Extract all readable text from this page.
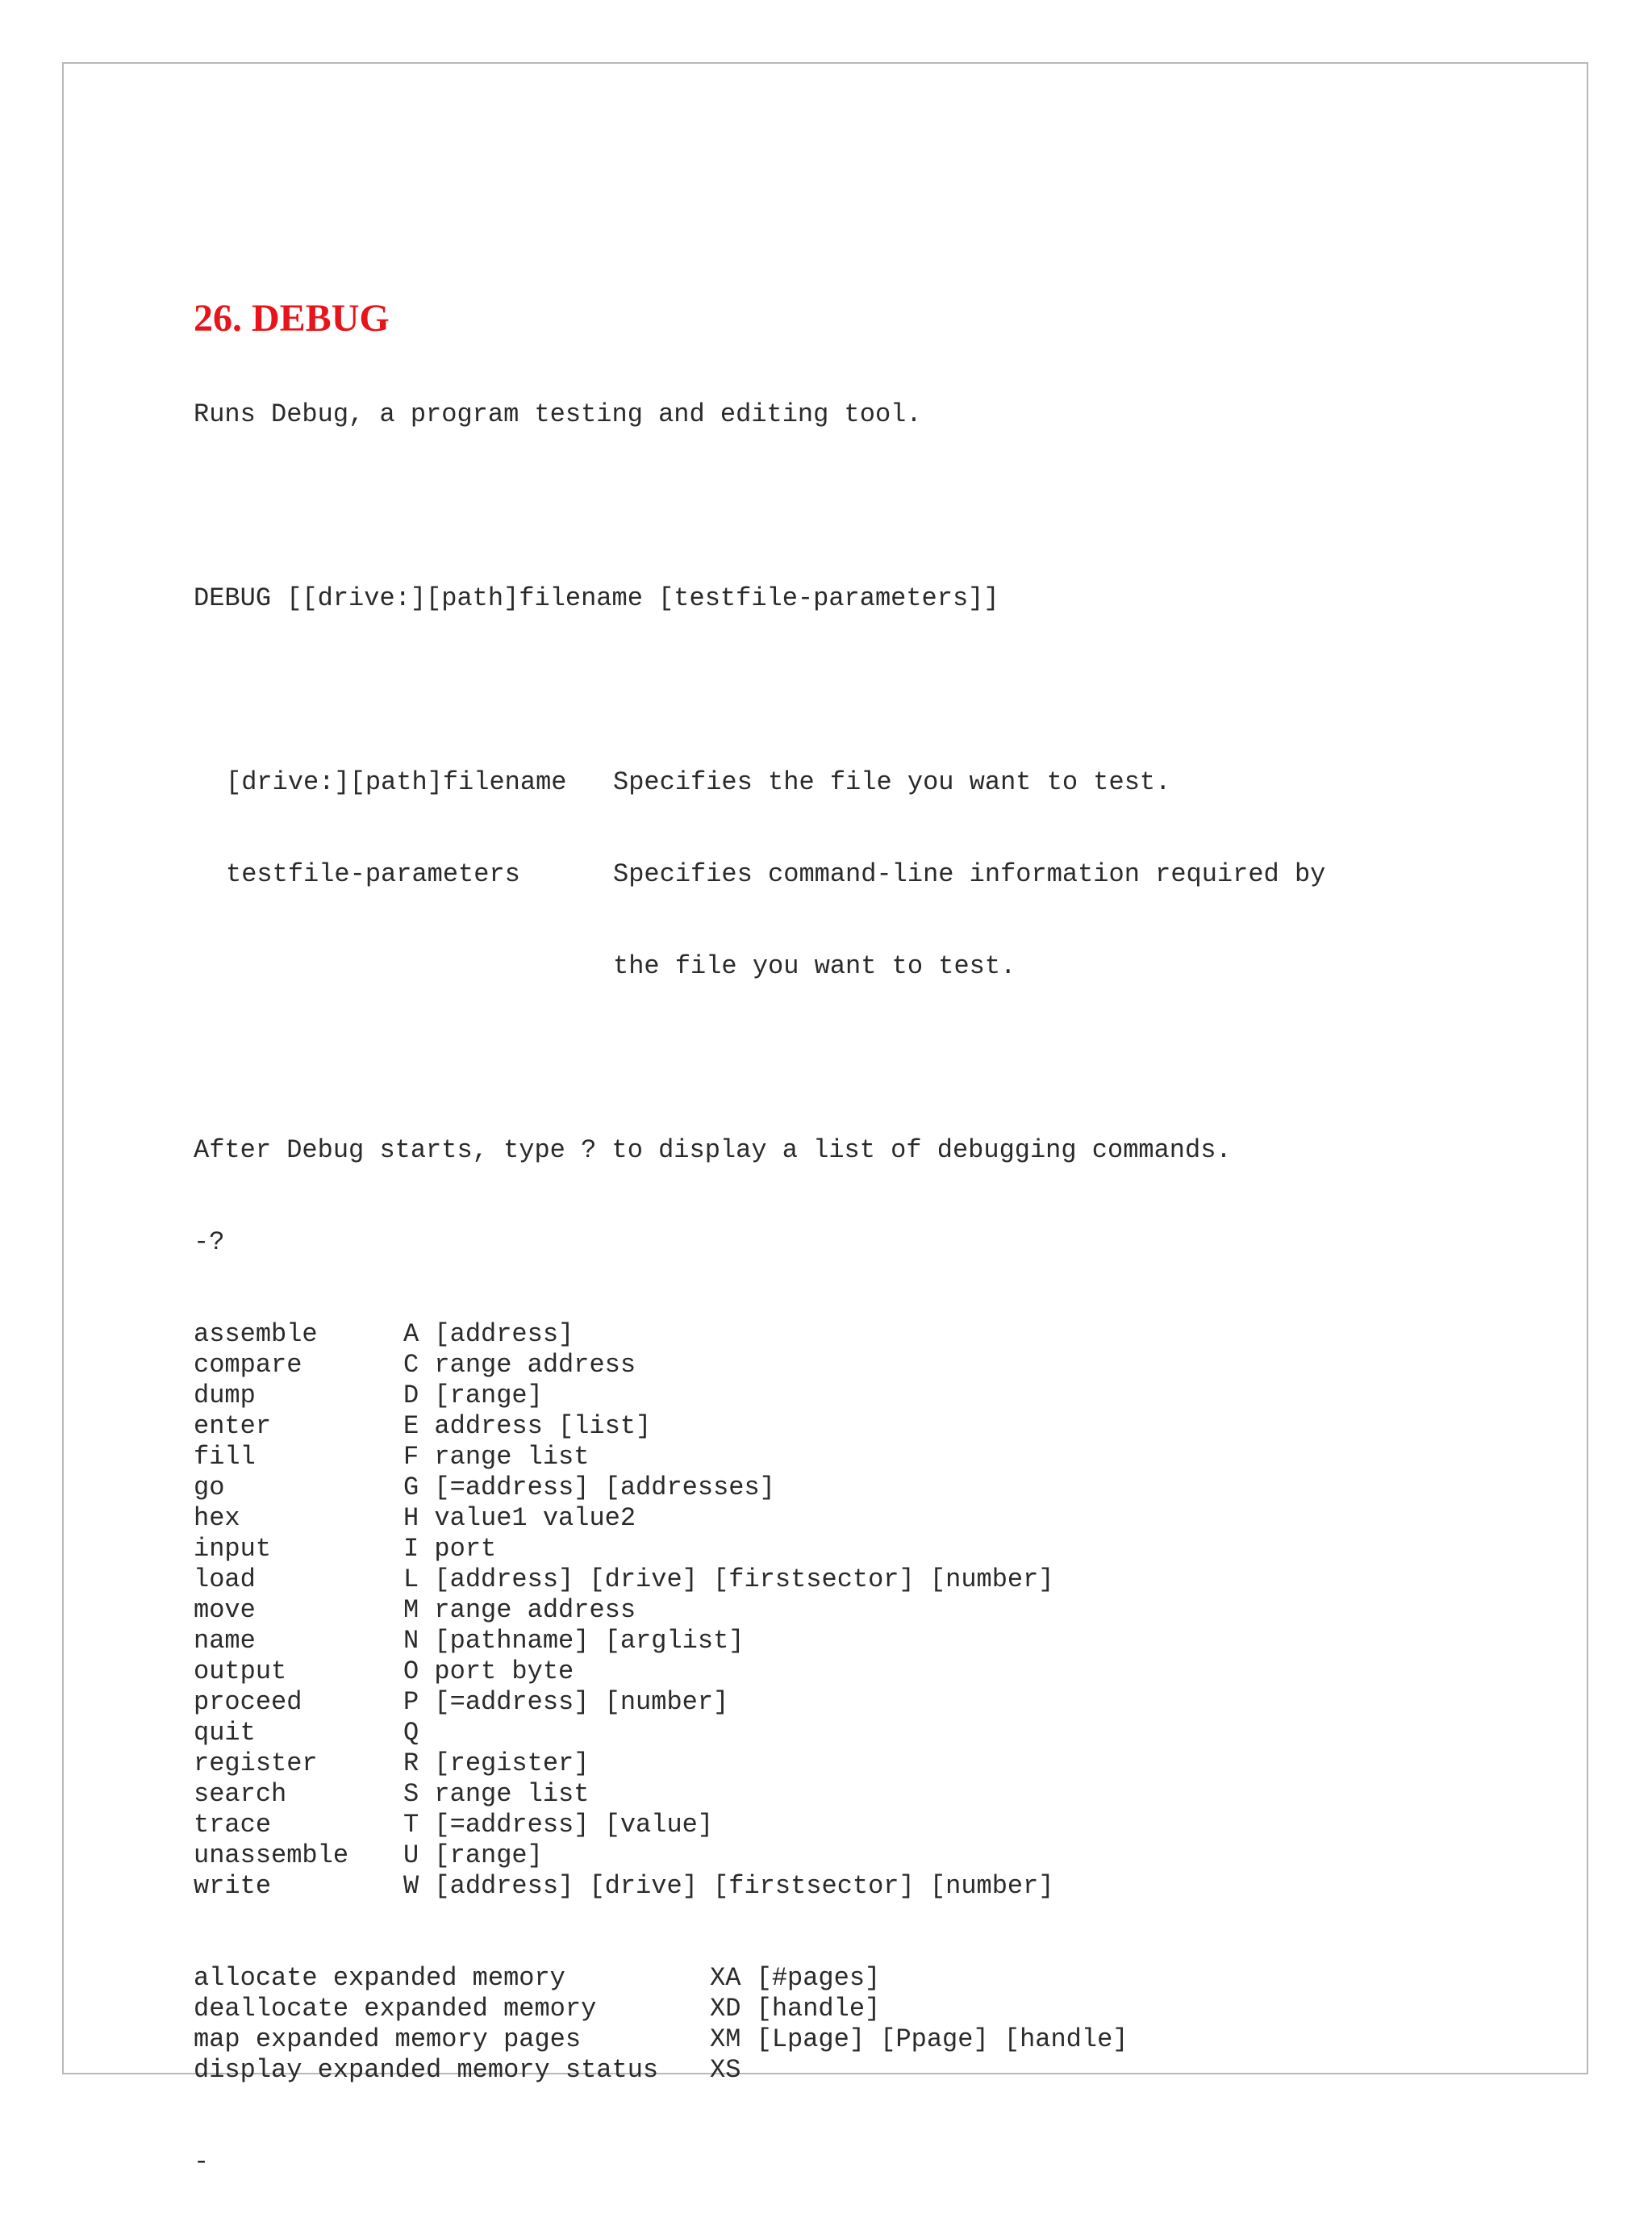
26. DEBUG

Runs Debug, a program testing and editing tool.

DEBUG [[drive:][path]filename [testfile-parameters]]

[drive:][path]filename Specifies the file you want to test.

testfile-parameters	Specifies command-line information required by

the file you want to test.

After Debug starts, type ? to display a list of debugging commands.

-?

assemble	A [address]
compare	C range address
dump	D [range]
enter	E address [list]
fill	F range list
go	G [=address] [addresses]
hex	H value1 value2
input	I port
load	L [address] [drive] [firstsector] [number]
move	M range address
name	N [pathname] [arglist]
output	O port byte
proceed	P [=address] [number]
quit	Q
register	R [register]
search	S range list
trace	T [=address] [value]
unassemble U [range]
write	W [address] [drive] [firstsector] [number]

allocate expanded memory	XA [#pages]
deallocate expanded memory	XD [handle]
map expanded memory pages	XM [Lpage] [Ppage] [handle]
display expanded memory status XS

-
